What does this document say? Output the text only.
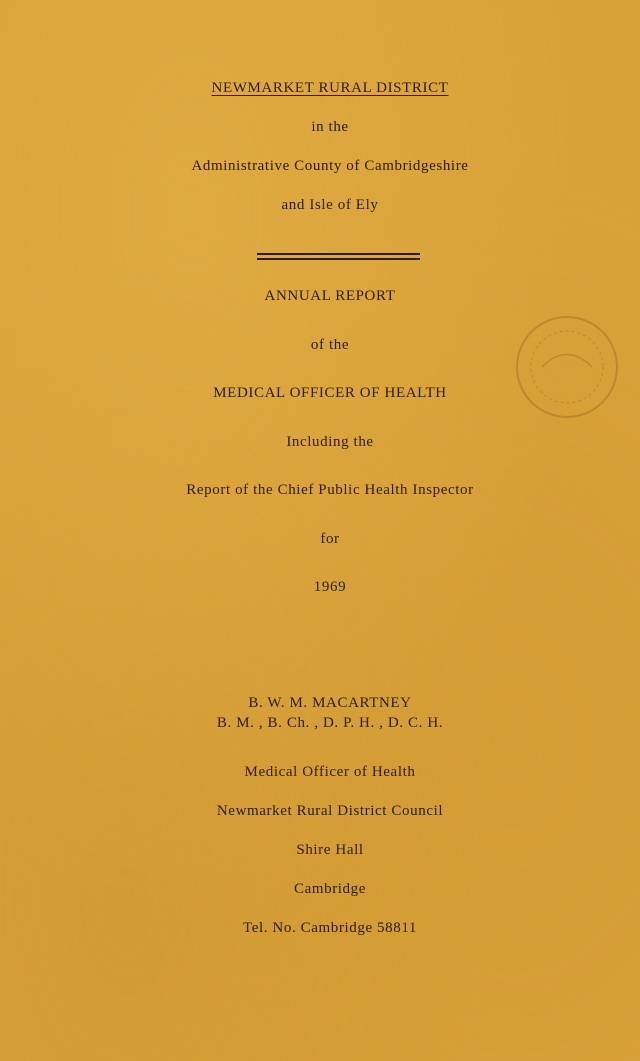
NEWMARKET RURAL DISTRICT
in the
Administrative County of Cambridgeshire
and Isle of Ely
ANNUAL REPORT
of the
MEDICAL OFFICER OF HEALTH
Including the
Report of the Chief Public Health Inspector
for
1969
B. W. M. MACARTNEY
B. M. , B. Ch. , D. P. H. , D. C. H.
Medical Officer of Health
Newmarket Rural District Council
Shire Hall
Cambridge
Tel. No. Cambridge 58811
